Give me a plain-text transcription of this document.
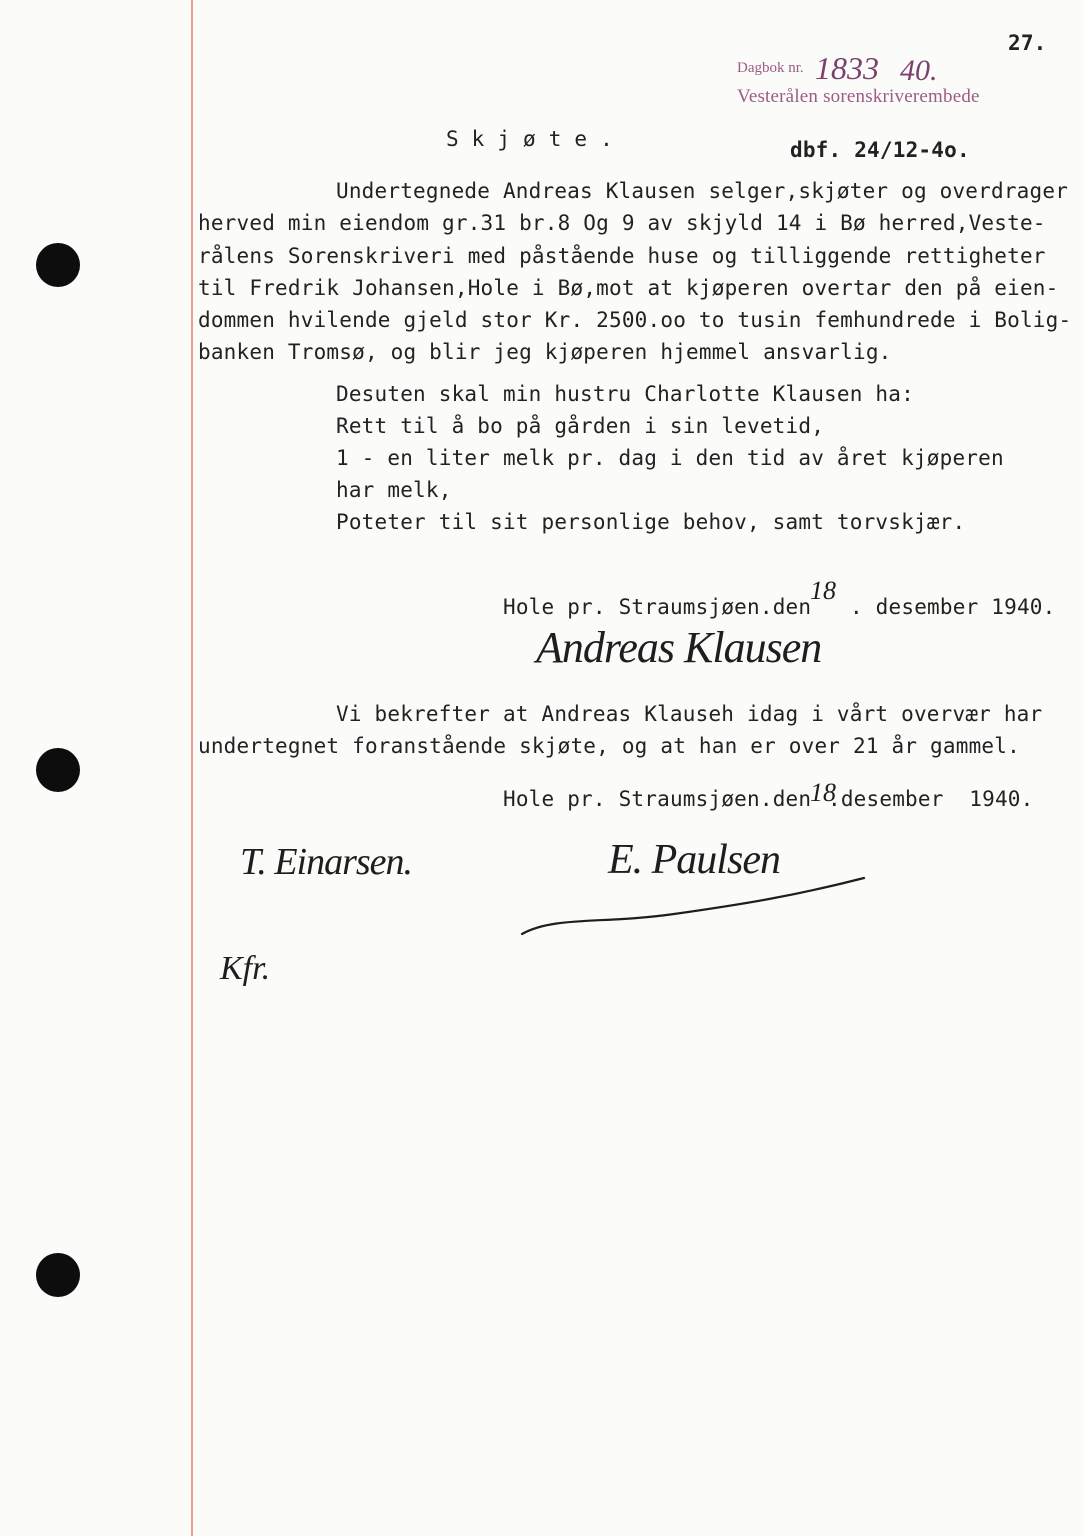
27.
Dagbok nr. 1833 40.
Vesterålen sorenskriverembede
S k j ø t e .	dbf. 24/12-4o.
Undertegnede Andreas Klausen selger,skjøter og overdrager
herved min eiendom gr.31 br.8 Og 9 av skjyld 14 i Bø herred,Veste-
rålens Sorenskriveri med påstående huse og tilliggende rettigheter
til Fredrik Johansen,Hole i Bø,mot at kjøperen overtar den på eien-
dommen hvilende gjeld stor Kr. 2500.oo to tusin femhundrede i Bolig-
banken Tromsø, og blir jeg kjøperen hjemmel ansvarlig.
Desuten skal min hustru Charlotte Klausen ha:
Rett til å bo på gården i sin levetid,
1 - en liter melk pr. dag i den tid av året kjøperen
har melk,
Poteter til sit personlige behov, samt torvskjær.
Hole pr. Straumsjøen.den
18
. desember 1940.
Andreas Klausen
Vi bekrefter at Andreas Klauseh idag i vårt overvær har
undertegnet foranstående skjøte, og at han er over 21 år gammel.
Hole pr. Straumsjøen.den
18
.desember  1940.
T. Einarsen.	E. Paulsen
Kfr.
